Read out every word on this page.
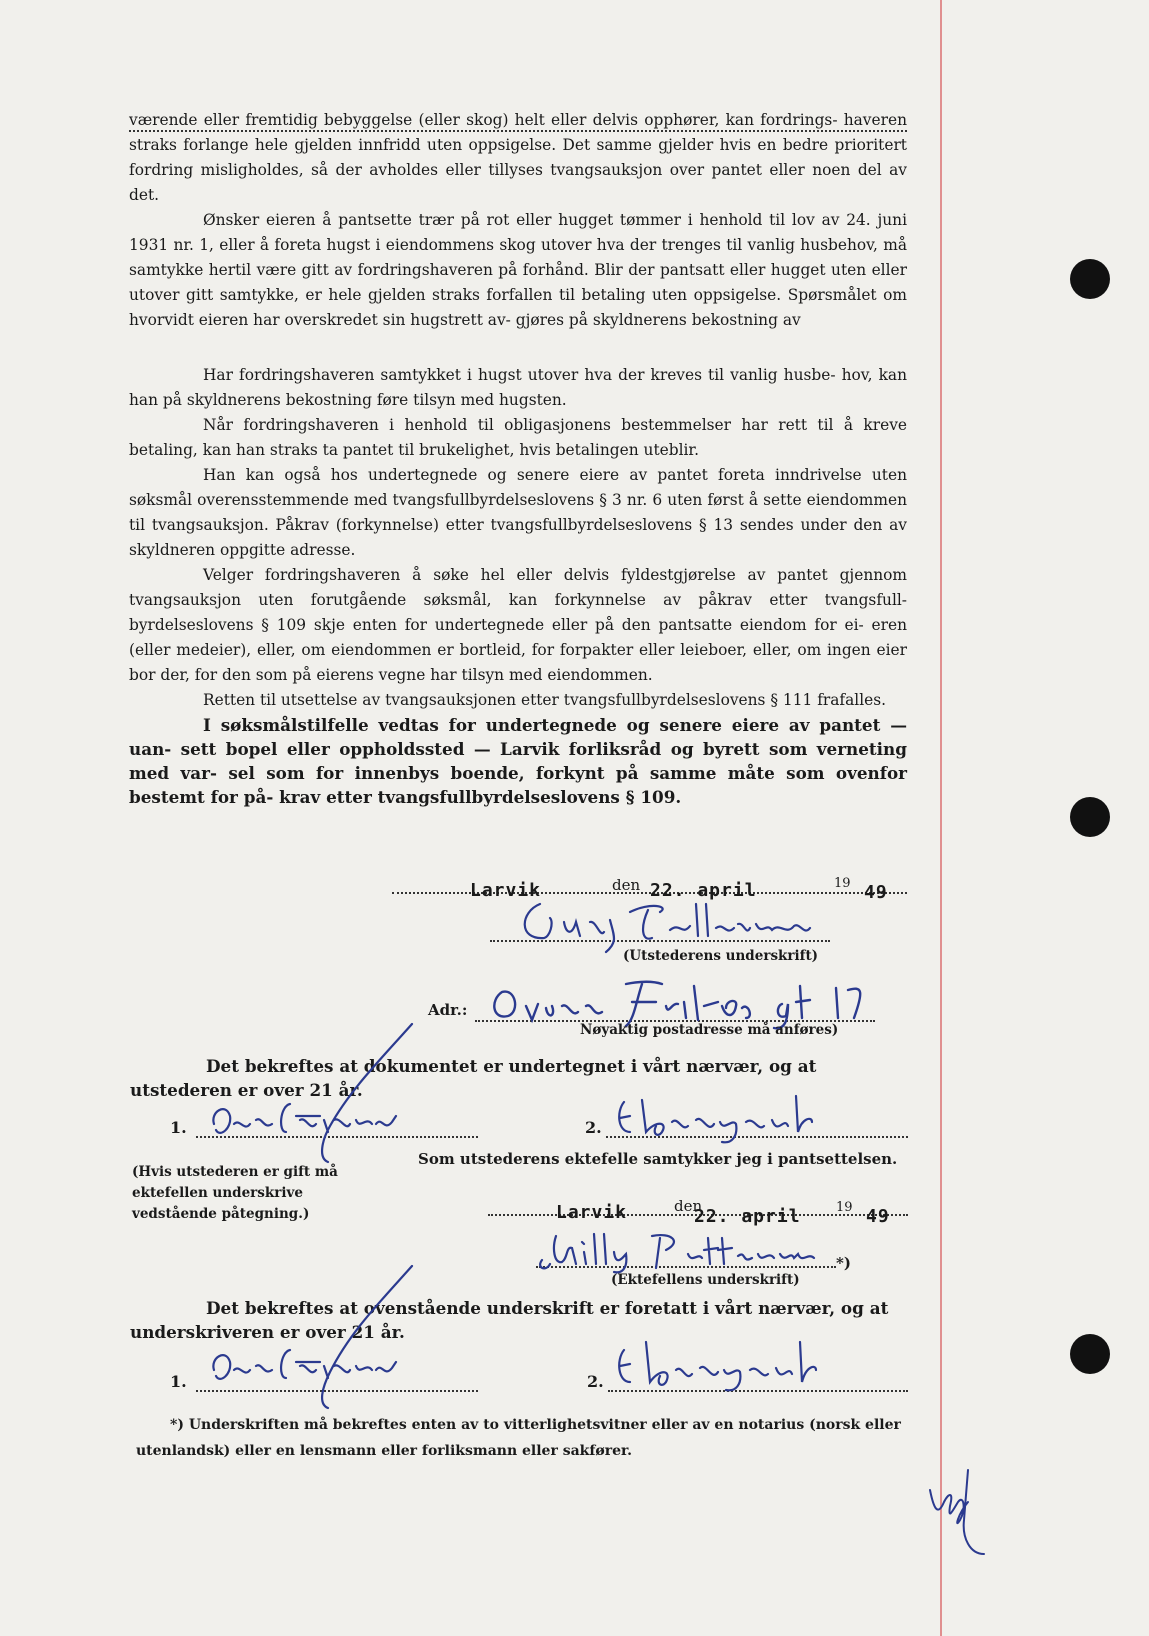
værende eller fremtidig bebyggelse (eller skog) helt eller delvis opphører, kan fordrings- haveren straks forlange hele gjelden innfridd uten oppsigelse. Det samme gjelder hvis en bedre prioritert fordring misligholdes, så der avholdes eller tillyses tvangsauksjon over pantet eller noen del av det.

Ønsker eieren å pantsette trær på rot eller hugget tømmer i henhold til lov av 24. juni 1931 nr. 1, eller å foreta hugst i eiendommens skog utover hva der trenges til vanlig husbehov, må samtykke hertil være gitt av fordringshaveren på forhånd. Blir der pantsatt eller hugget uten eller utover gitt samtykke, er hele gjelden straks forfallen til betaling uten oppsigelse. Spørsmålet om hvorvidt eieren har overskredet sin hugstrett av- gjøres på skyldnerens bekostning av

Har fordringshaveren samtykket i hugst utover hva der kreves til vanlig husbe- hov, kan han på skyldnerens bekostning føre tilsyn med hugsten.

Når fordringshaveren i henhold til obligasjonens bestemmelser har rett til å kreve betaling, kan han straks ta pantet til brukelighet, hvis betalingen uteblir.

Han kan også hos undertegnede og senere eiere av pantet foreta inndrivelse uten søksmål overensstemmende med tvangsfullbyrdelseslovens § 3 nr. 6 uten først å sette eiendommen til tvangsauksjon. Påkrav (forkynnelse) etter tvangsfullbyrdelseslovens § 13 sendes under den av skyldneren oppgitte adresse.

Velger fordringshaveren å søke hel eller delvis fyldestgjørelse av pantet gjennom tvangsauksjon uten forutgående søksmål, kan forkynnelse av påkrav etter tvangsfull- byrdelseslovens § 109 skje enten for undertegnede eller på den pantsatte eiendom for ei- eren (eller medeier), eller, om eiendommen er bortleid, for forpakter eller leieboer, eller, om ingen eier bor der, for den som på eierens vegne har tilsyn med eiendommen.

Retten til utsettelse av tvangsauksjonen etter tvangsfullbyrdelseslovens § 111 frafalles.

I søksmålstilfelle vedtas for undertegnede og senere eiere av pantet — uan- sett bopel eller oppholdssted — Larvik forliksråd og byrett som verneting med var- sel som for innenbys boende, forkynt på samme måte som ovenfor bestemt for på- krav etter tvangsfullbyrdelseslovens § 109.

Larvik	den 22. april	19 49
(Utstederens underskrift)
Adr.:
Nøyaktig postadresse må anføres)
Det bekreftes at dokumentet er undertegnet i vårt nærvær, og at utstederen er over 21 år.
1.	2.
(Hvis utstederen er gift må ektefellen underskrive vedstående påtegning.)
Som utstederens ektefelle samtykker jeg i pantsettelsen.
Larvik	den
22. april	19 49
*)
(Ektefellens underskrift)
Det bekreftes at ovenstående underskrift er foretatt i vårt nærvær, og at underskriveren er over 21 år.
1.	2.
*) Underskriften må bekreftes enten av to vitterlighetsvitner eller av en notarius (norsk eller utenlandsk) eller en lensmann eller forliksmann eller sakfører.
